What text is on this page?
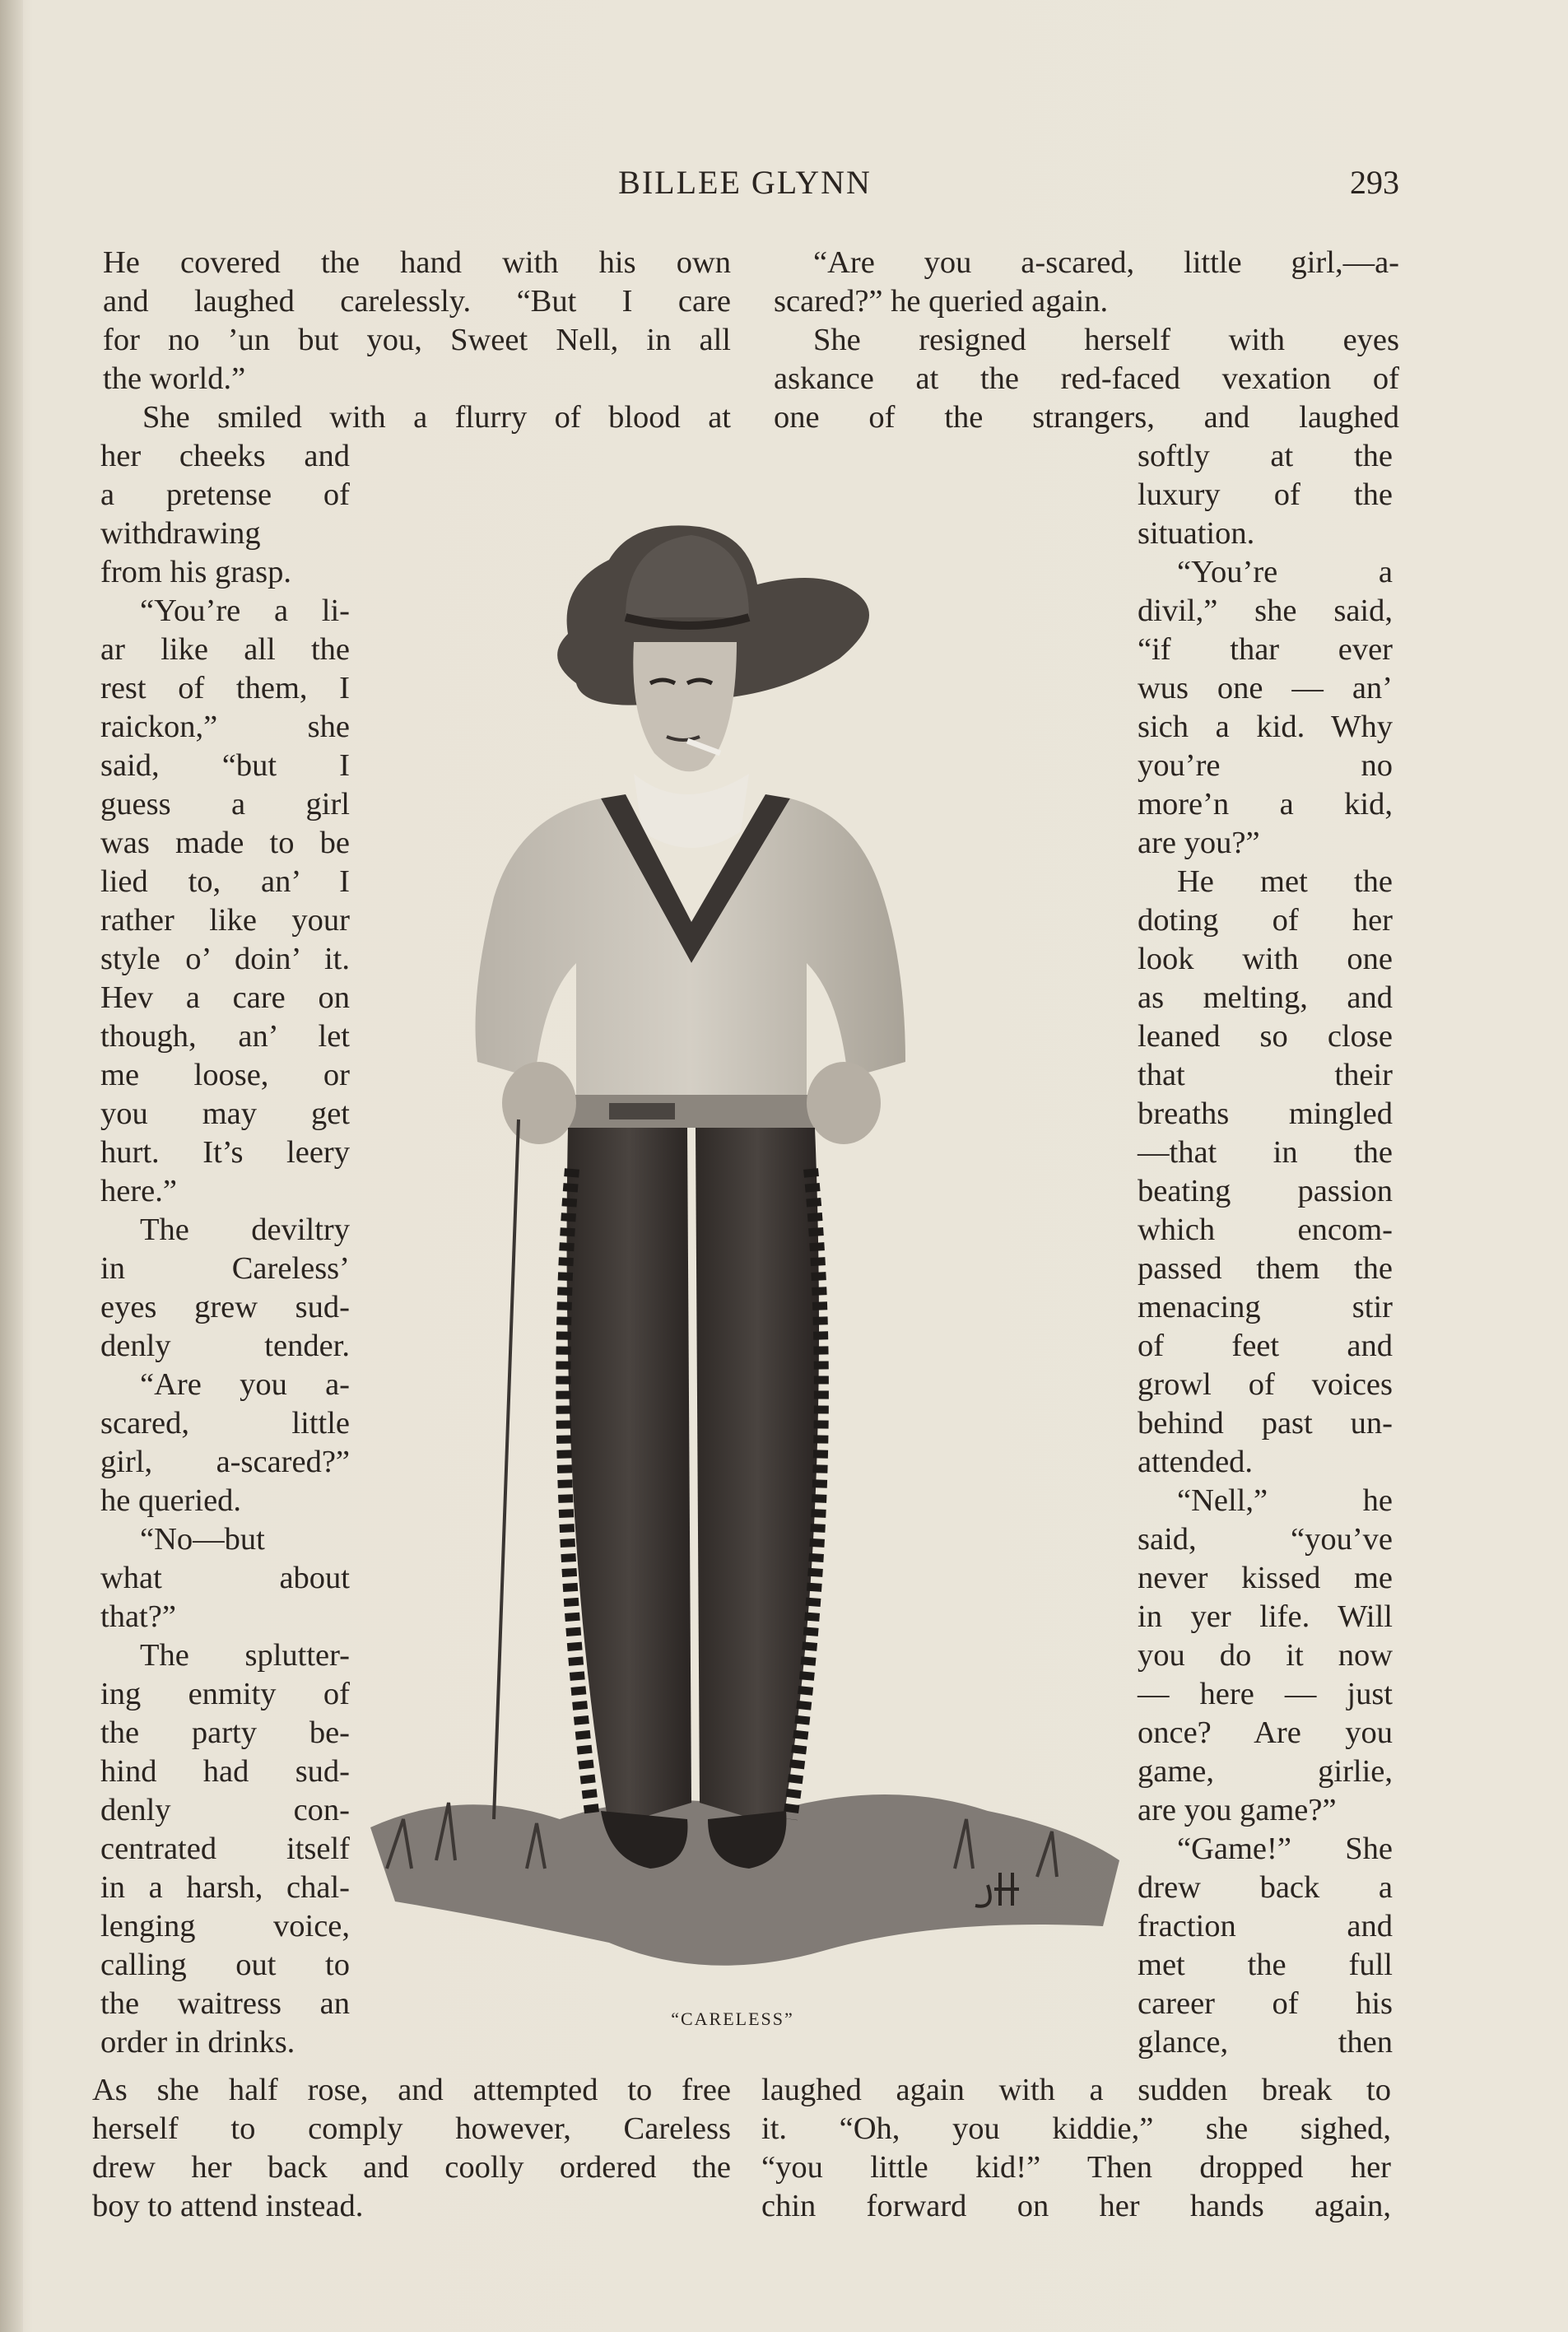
BILLEE GLYNN	293

He covered the hand with his own

and laughed carelessly. “But I care

for no ’un but you, Sweet Nell, in all

the world.”

She smiled with a flurry of blood at

her cheeks and

a pretense of

withdrawing

from his grasp.

“You’re a li-

ar like all the

rest of them, I

raickon,” she

said, “but I

guess a girl

was made to be

lied to, an’ I

rather like your

style o’ doin’ it.

Hev a care on

though, an’ let

me loose, or

you may get

hurt. It’s leery

here.”

The deviltry

in Careless’

eyes grew sud-

denly tender.

“Are you a-

scared, little

girl, a-scared?”

he queried.

“No—but

what about

that?”

The splutter-

ing enmity of

the party be-

hind had sud-

denly con-

centrated itself

in a harsh, chal-

lenging voice,

calling out to

the waitress an

order in drinks.

As she half rose, and attempted to free

herself to comply however, Careless

drew her back and coolly ordered the

boy to attend instead.

“Are you a-scared, little girl,—a-

scared?” he queried again.

She resigned herself with eyes

askance at the red-faced vexation of

one of the strangers, and laughed

softly at the

luxury of the

situation.

“You’re a

divil,” she said,

“if thar ever

wus one — an’

sich a kid. Why

you’re no

more’n a kid,

are you?”

He met the

doting of her

look with one

as melting, and

leaned so close

that their

breaths mingled

—that in the

beating passion

which encom-

passed them the

menacing stir

of feet and

growl of voices

behind past un-

attended.

“Nell,” he

said, “you’ve

never kissed me

in yer life. Will

you do it now

— here — just

once? Are you

game, girlie,

are you game?”

“Game!” She

drew back a

fraction and

met the full

career of his

glance, then

laughed again with a sudden break to

it. “Oh, you kiddie,” she sighed,

“you little kid!” Then dropped her

chin forward on her hands again,

“CARELESS”
